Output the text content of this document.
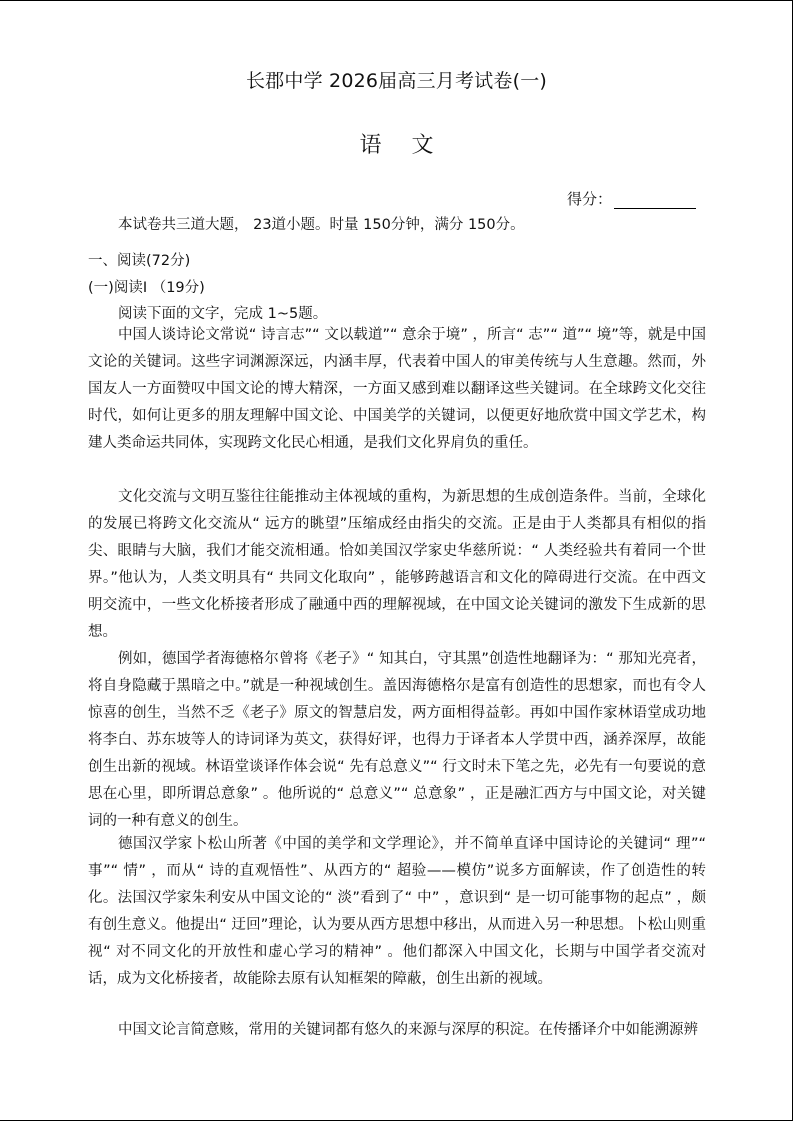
长郡中学 2026届高三月考试卷(一)
语文
得分：
本试卷共三道大题， 23道小题。时量 150分钟，满分 150分。
一、阅读(72分)
(一)阅读Ⅰ （19分)
阅读下面的文字，完成 1~5题。
中国人谈诗论文常说“ 诗言志”“ 文以载道”“ 意余于境” ，所言“ 志”“ 道”“ 境”等，就是中国文论的关键词。这些字词渊源深远，内涵丰厚，代表着中国人的审美传统与人生意趣。然而，外国友人一方面赞叹中国文论的博大精深，一方面又感到难以翻译这些关键词。在全球跨文化交往时代，如何让更多的朋友理解中国文论、中国美学的关键词，以便更好地欣赏中国文学艺术，构建人类命运共同体，实现跨文化民心相通，是我们文化界肩负的重任。
文化交流与文明互鉴往往能推动主体视域的重构，为新思想的生成创造条件。当前，全球化的发展已将跨文化交流从“ 远方的眺望”压缩成经由指尖的交流。正是由于人类都具有相似的指尖、眼睛与大脑，我们才能交流相通。恰如美国汉学家史华慈所说：“ 人类经验共有着同一个世界。”他认为，人类文明具有“ 共同文化取向” ，能够跨越语言和文化的障碍进行交流。在中西文明交流中，一些文化桥接者形成了融通中西的理解视域，在中国文论关键词的激发下生成新的思想。
例如，德国学者海德格尔曾将《老子》“ 知其白，守其黑”创造性地翻译为：“ 那知光亮者，将自身隐藏于黑暗之中。”就是一种视域创生。盖因海德格尔是富有创造性的思想家，而也有令人惊喜的创生，当然不乏《老子》原文的智慧启发，两方面相得益彰。再如中国作家林语堂成功地将李白、苏东坡等人的诗词译为英文，获得好评，也得力于译者本人学贯中西，涵养深厚，故能创生出新的视域。林语堂谈译作体会说“ 先有总意义”“ 行文时未下笔之先，必先有一句要说的意思在心里，即所谓总意象” 。他所说的“ 总意义”“ 总意象” ，正是融汇西方与中国文论，对关键词的一种有意义的创生。
德国汉学家卜松山所著《中国的美学和文学理论》，并不简单直译中国诗论的关键词“ 理”“ 事”“ 情” ，而从“ 诗的直观悟性”、从西方的“ 超验——模仿”说多方面解读，作了创造性的转化。法国汉学家朱利安从中国文论的“ 淡”看到了“ 中” ，意识到“ 是一切可能事物的起点” ，颇有创生意义。他提出“ 迂回”理论，认为要从西方思想中移出，从而进入另一种思想。卜松山则重视“ 对不同文化的开放性和虚心学习的精神” 。他们都深入中国文化，长期与中国学者交流对话，成为文化桥接者，故能除去原有认知框架的障蔽，创生出新的视域。
中国文论言简意赅，常用的关键词都有悠久的来源与深厚的积淀。在传播译介中如能溯源辨
